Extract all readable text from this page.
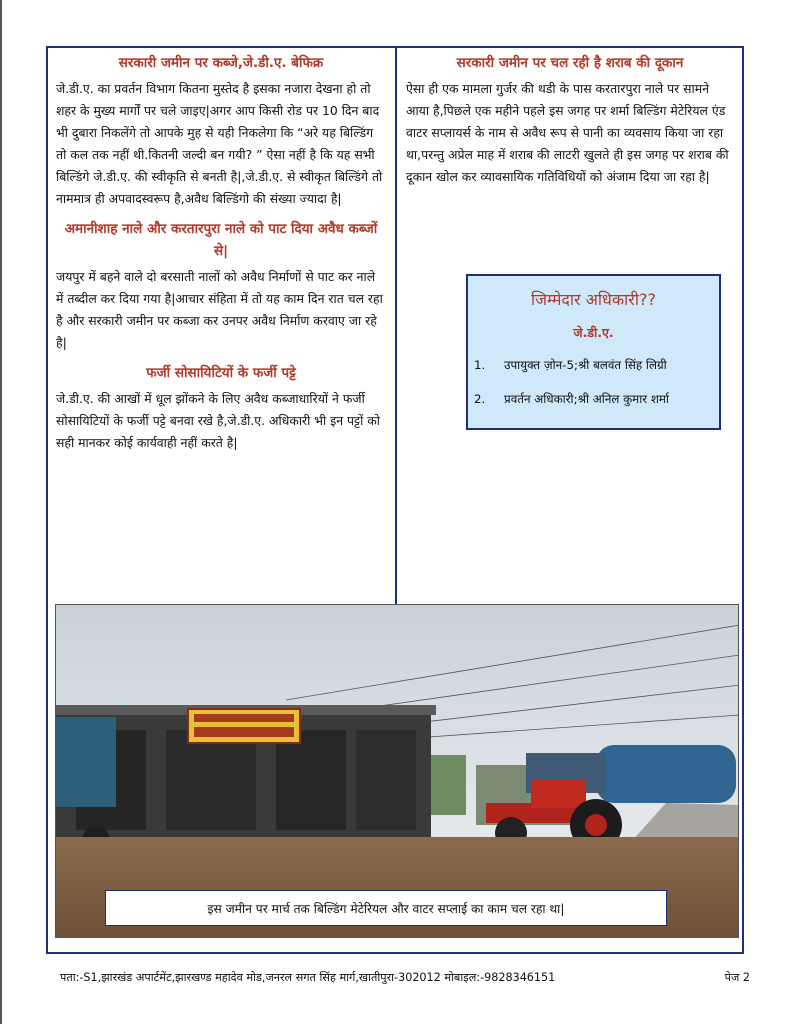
सरकारी जमीन पर कब्जे,जे.डी.ए. बेफिक्र

जे.डी.ए. का प्रवर्तन विभाग कितना मुस्तेद है इसका नजारा देखना हो तो शहर के मुख्य मार्गों पर चले जाइए|अगर आप किसी रोड पर 10 दिन बाद भी दुबारा निकलेंगे तो आपके मुह से यही निकलेगा कि “अरे यह बिल्डिंग तो कल तक नहीं थी.कितनी जल्दी बन गयी? ” ऐसा नहीं है कि यह सभी बिल्डिंगे जे.डी.ए. की स्वीकृति से बनती है|,जे.डी.ए. से स्वीकृत बिल्डिंगे तो नाममात्र ही अपवादस्वरूप है,अवैध बिल्डिंगो की संख्या ज्यादा है|

अमानीशाह नाले और करतारपुरा नाले को पाट दिया अवैध कब्जों से|

जयपुर में बहने वाले दो बरसाती नालों को अवैध निर्माणों से पाट कर नाले में तब्दील कर दिया गया है|आचार संहिता में तो यह काम दिन रात चल रहा है और सरकारी जमीन पर कब्जा कर उनपर अवैध निर्माण करवाए जा रहे है|

फर्जी सोसायिटियों के फर्जी पट्टे

जे.डी.ए. की आखों में धूल झोंकने के लिए अवैध कब्जाधारियों ने फर्जी सोसायिटियों के फर्जी पट्टे बनवा रखे है,जे.डी.ए. अधिकारी भी इन पट्टों को सही मानकर कोई कार्यवाही नहीं करते है|

सरकारी जमीन पर चल रही है शराब की दूकान

ऐसा ही एक मामला गुर्जर की थडी के पास करतारपुरा नाले पर सामने आया है,पिछले एक महीने पहले इस जगह पर शर्मा बिल्डिंग मेटेरियल एंड वाटर सप्लायर्स के नाम से अवैध रूप से पानी का व्यवसाय किया जा रहा था,परन्तु अप्रेल माह में शराब की लाटरी खुलते ही इस जगह पर शराब की दूकान खोल कर व्यावसायिक गतिविधियों को अंजाम दिया जा रहा है|

जिम्मेदार अधिकारी??
जे.डी.ए.
1.	उपायुक्त ज़ोन-5;श्री बलवंत सिंह लिग्री
2.	प्रवर्तन अधिकारी;श्री अनिल कुमार शर्मा
इस जमीन पर मार्च तक बिल्डिंग मेटेरियल और वाटर सप्लाई का काम चल रहा था|
पता:-S1,झारखंड अपार्टमेंट,झारखण्ड महादेव मोड,जनरल सगत सिंह मार्ग,खातीपुरा-302012 मोबाइल:-9828346151	पेज 2
